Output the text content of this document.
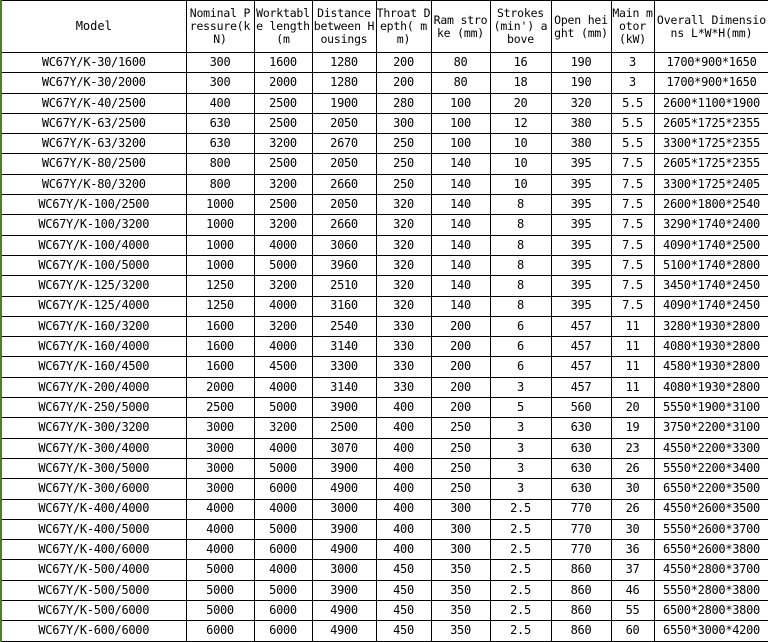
Model	Nominal Pressure(kN)	Worktable length(m	Distance between Housings	Throat Depth( mm)	Ram stroke (mm)	Strokes (min') above	Open height (mm)	Main motor (kW)	Overall Dimensions L*W*H(mm)
WC67Y/K-30/1600	300	1600	1280	200	80	16	190	3	1700*900*1650
WC67Y/K-30/2000	300	2000	1280	200	80	18	190	3	1700*900*1650
WC67Y/K-40/2500	400	2500	1900	280	100	20	320	5.5	2600*1100*1900
WC67Y/K-63/2500	630	2500	2050	300	100	12	380	5.5	2605*1725*2355
WC67Y/K-63/3200	630	3200	2670	250	100	10	380	5.5	3300*1725*2355
WC67Y/K-80/2500	800	2500	2050	250	140	10	395	7.5	2605*1725*2355
WC67Y/K-80/3200	800	3200	2660	250	140	10	395	7.5	3300*1725*2405
WC67Y/K-100/2500	1000	2500	2050	320	140	8	395	7.5	2600*1800*2540
WC67Y/K-100/3200	1000	3200	2660	320	140	8	395	7.5	3290*1740*2400
WC67Y/K-100/4000	1000	4000	3060	320	140	8	395	7.5	4090*1740*2500
WC67Y/K-100/5000	1000	5000	3960	320	140	8	395	7.5	5100*1740*2800
WC67Y/K-125/3200	1250	3200	2510	320	140	8	395	7.5	3450*1740*2450
WC67Y/K-125/4000	1250	4000	3160	320	140	8	395	7.5	4090*1740*2450
WC67Y/K-160/3200	1600	3200	2540	330	200	6	457	11	3280*1930*2800
WC67Y/K-160/4000	1600	4000	3140	330	200	6	457	11	4080*1930*2800
WC67Y/K-160/4500	1600	4500	3300	330	200	6	457	11	4580*1930*2800
WC67Y/K-200/4000	2000	4000	3140	330	200	3	457	11	4080*1930*2800
WC67Y/K-250/5000	2500	5000	3900	400	200	5	560	20	5550*1900*3100
WC67Y/K-300/3200	3000	3200	2500	400	250	3	630	19	3750*2200*3100
WC67Y/K-300/4000	3000	4000	3070	400	250	3	630	23	4550*2200*3300
WC67Y/K-300/5000	3000	5000	3900	400	250	3	630	26	5550*2200*3400
WC67Y/K-300/6000	3000	6000	4900	400	250	3	630	30	6550*2200*3500
WC67Y/K-400/4000	4000	4000	3000	400	300	2.5	770	26	4550*2600*3500
WC67Y/K-400/5000	4000	5000	3900	400	300	2.5	770	30	5550*2600*3700
WC67Y/K-400/6000	4000	6000	4900	400	300	2.5	770	36	6550*2600*3800
WC67Y/K-500/4000	5000	4000	3000	450	350	2.5	860	37	4550*2800*3700
WC67Y/K-500/5000	5000	5000	3900	450	350	2.5	860	46	5550*2800*3800
WC67Y/K-500/6000	5000	6000	4900	450	350	2.5	860	55	6500*2800*3800
WC67Y/K-600/6000	6000	6000	4900	450	350	2.5	860	60	6550*3000*4200
